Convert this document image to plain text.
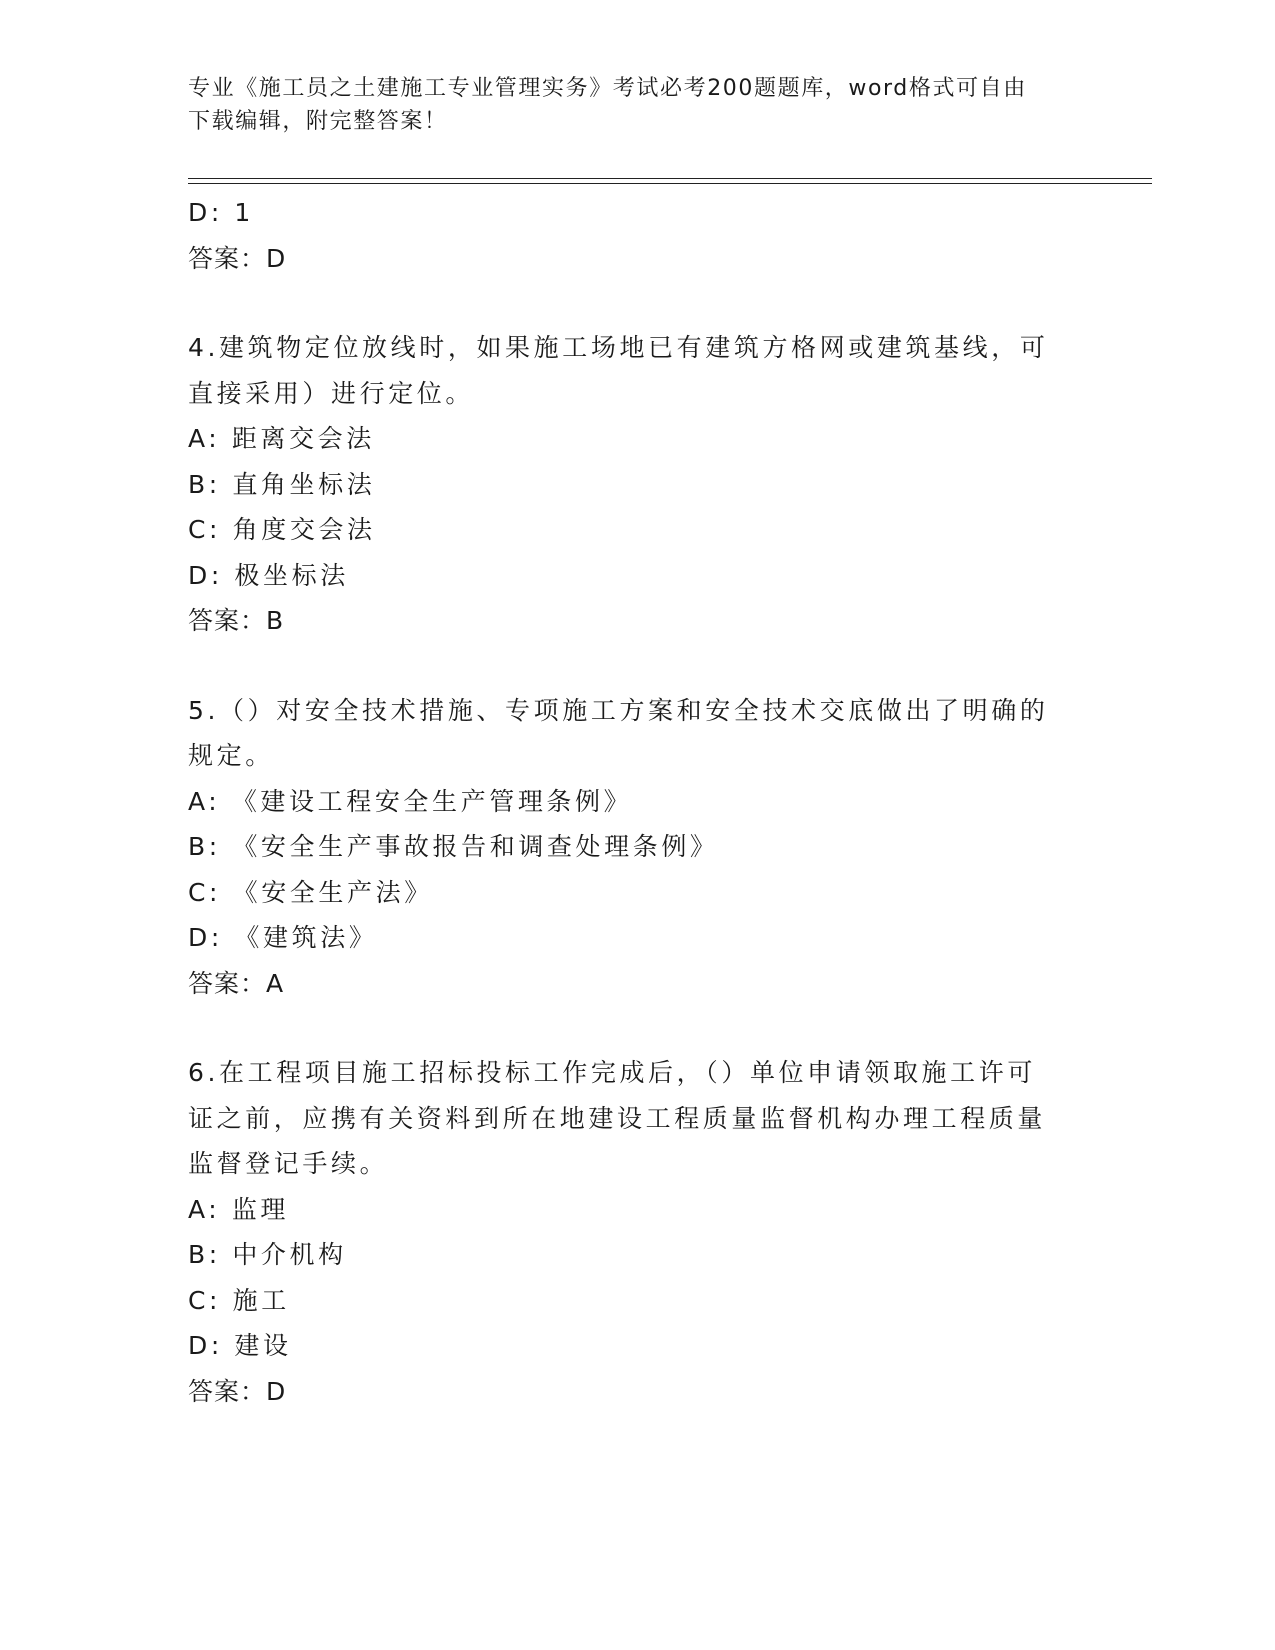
专业《施工员之土建施工专业管理实务》考试必考200题题库，word格式可自由
下载编辑，附完整答案！
D: 1
答案：D
4.建筑物定位放线时，如果施工场地已有建筑方格网或建筑基线，可
直接采用）进行定位。
A: 距离交会法
B: 直角坐标法
C: 角度交会法
D: 极坐标法
答案：B
5.（）对安全技术措施、专项施工方案和安全技术交底做出了明确的
规定。
A: 《建设工程安全生产管理条例》
B: 《安全生产事故报告和调查处理条例》
C: 《安全生产法》
D: 《建筑法》
答案：A
6.在工程项目施工招标投标工作完成后，（）单位申请领取施工许可
证之前，应携有关资料到所在地建设工程质量监督机构办理工程质量
监督登记手续。
A: 监理
B: 中介机构
C: 施工
D: 建设
答案：D
